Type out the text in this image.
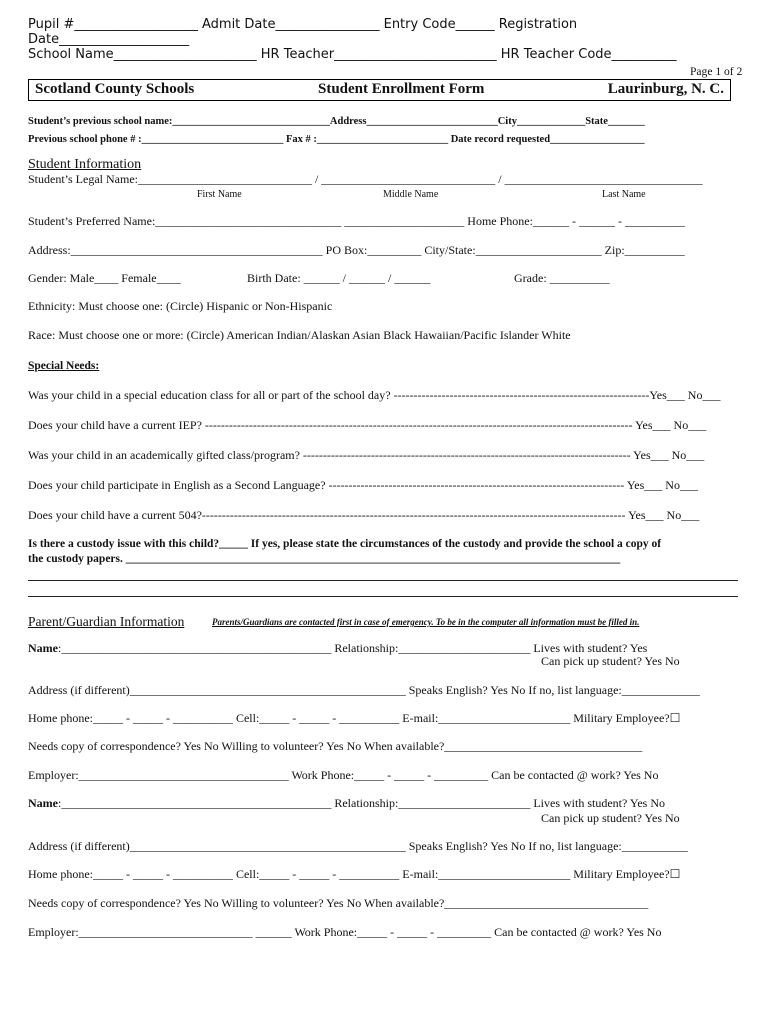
Pupil #___________________ Admit Date________________ Entry Code______ Registration
Date____________________
School Name______________________ HR Teacher_________________________ HR Teacher Code__________
Page 1 of 2
Scotland County Schools	Student Enrollment Form	Laurinburg, N. C.
Student’s previous school name:______________________________Address_________________________City_____________State_______
Previous school phone # :___________________________ Fax # :_________________________ Date record requested__________________
Student Information
Student’s Legal Name:_____________________________ / _____________________________ / _________________________________
First Name	Middle Name	Last Name
Student’s Preferred Name:_______________________________ ____________________ Home Phone:______ - ______ - __________
Address:__________________________________________ PO Box:_________ City/State:_____________________ Zip:__________
Gender: Male____ Female____	Birth Date: ______ / ______ / ______	Grade: __________
Ethnicity: Must choose one: (Circle) Hispanic or Non-Hispanic
Race: Must choose one or more: (Circle) American Indian/Alaskan Asian Black Hawaiian/Pacific Islander White
Special Needs:
Was your child in a special education class for all or part of the school day? ----------------------------------------------------------------Yes___ No___
Does your child have a current IEP? ----------------------------------------------------------------------------------------------------------- Yes___ No___
Was your child in an academically gifted class/program? ---------------------------------------------------------------------------------- Yes___ No___
Does your child participate in English as a Second Language? -------------------------------------------------------------------------- Yes___ No___
Does your child have a current 504?---------------------------------------------------------------------------------------------------------- Yes___ No___
Is there a custody issue with this child?_____ If yes, please state the circumstances of the custody and provide the school a copy of
the custody papers. ______________________________________________________________________________________
Parent/Guardian Information	Parents/Guardians are contacted first in case of emergency. To be in the computer all information must be filled in.
Name:_____________________________________________ Relationship:______________________ Lives with student? Yes
Can pick up student? Yes No
Address (if different)______________________________________________ Speaks English? Yes No If no, list language:_____________
Home phone:_____ - _____ - __________ Cell:_____ - _____ - __________ E-mail:______________________ Military Employee?☐
Needs copy of correspondence? Yes No Willing to volunteer? Yes No When available?_________________________________
Employer:___________________________________ Work Phone:_____ - _____ - _________ Can be contacted @ work? Yes No
Name:_____________________________________________ Relationship:______________________ Lives with student? Yes No
Can pick up student? Yes No
Address (if different)______________________________________________ Speaks English? Yes No If no, list language:___________
Home phone:_____ - _____ - __________ Cell:_____ - _____ - __________ E-mail:______________________ Military Employee?☐
Needs copy of correspondence? Yes No Willing to volunteer? Yes No When available?__________________________________
Employer:_____________________________ ______ Work Phone:_____ - _____ - _________ Can be contacted @ work? Yes No
